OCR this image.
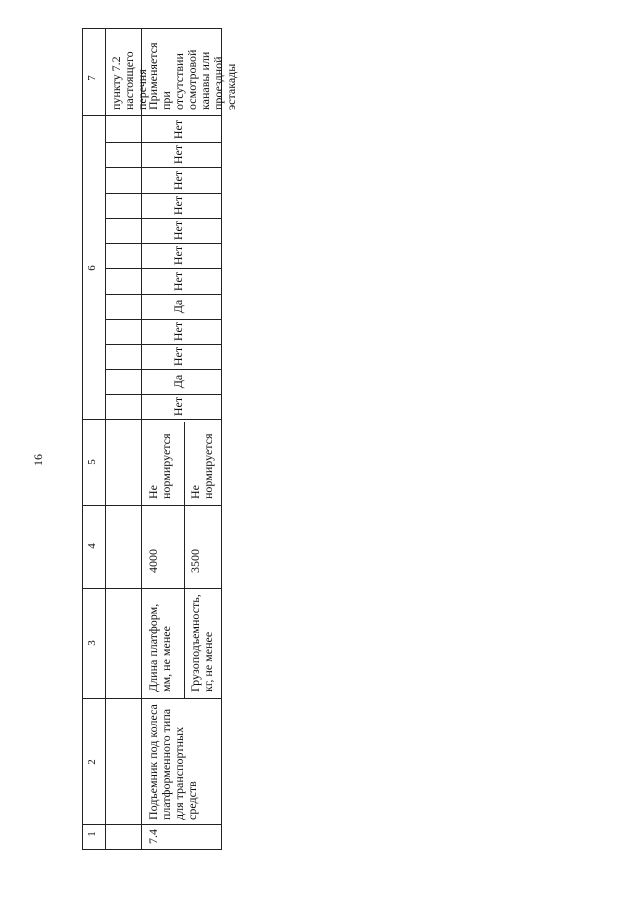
16
1
2
3
4
5
6
7 пункту 7.2 настоящего перечня
7.4
Подъемник под колеса платформенного типа для транспортных средств
Длина платформ, мм, не менее
4000
Не нормируется
Грузоподъемность, кг, не менее
3500
Не нормируется
Нет
Да
Нет
Нет
Да
Нет
Нет
Нет
Нет
Нет
Нет
Нет
Применяется при отсутствии осмотровой канавы или проездной эстакады
